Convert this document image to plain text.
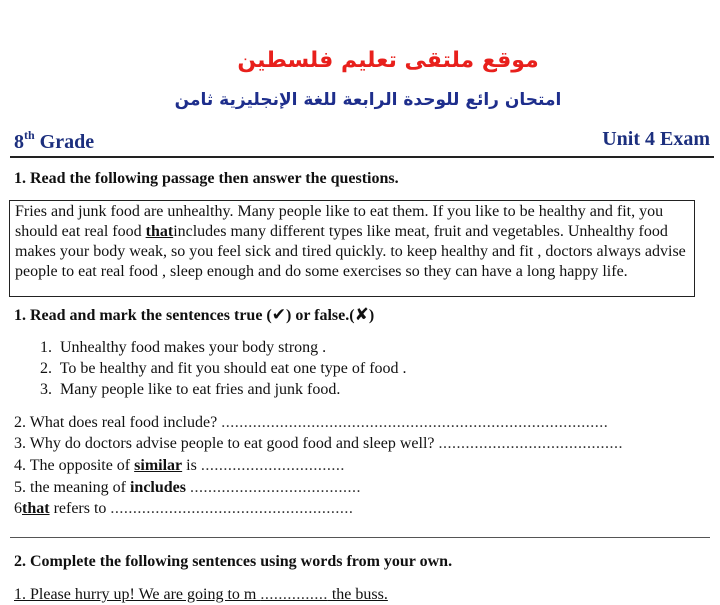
موقع ملتقى تعليم فلسطين
امتحان رائع للوحدة الرابعة للغة الإنجليزية ثامن
8th Grade	Unit 4 Exam
1. Read the following passage then answer the questions.
Fries and junk food are unhealthy. Many people like to eat them. If you like to be healthy and fit, you should eat real food thatincludes many different types like meat, fruit and vegetables. Unhealthy food makes your body weak, so you feel sick and tired quickly. to keep healthy and fit , doctors always advise people to eat real food , sleep enough and do some exercises so they can have a long happy life.
1. Read and mark the sentences true (✔) or false.(✘)
1. Unhealthy food makes your body strong .
2. To be healthy and fit you should eat one type of food .
3. Many people like to eat fries and junk food.
2. What does real food include? ......................................................................................
3. Why do doctors advise people to eat good food and sleep well? .........................................
4. The opposite of similar is ................................
5. the meaning of includes ......................................
6that refers to ......................................................
2. Complete the following sentences using words from your own.
1. Please hurry up! We are going to m ............... the buss.
